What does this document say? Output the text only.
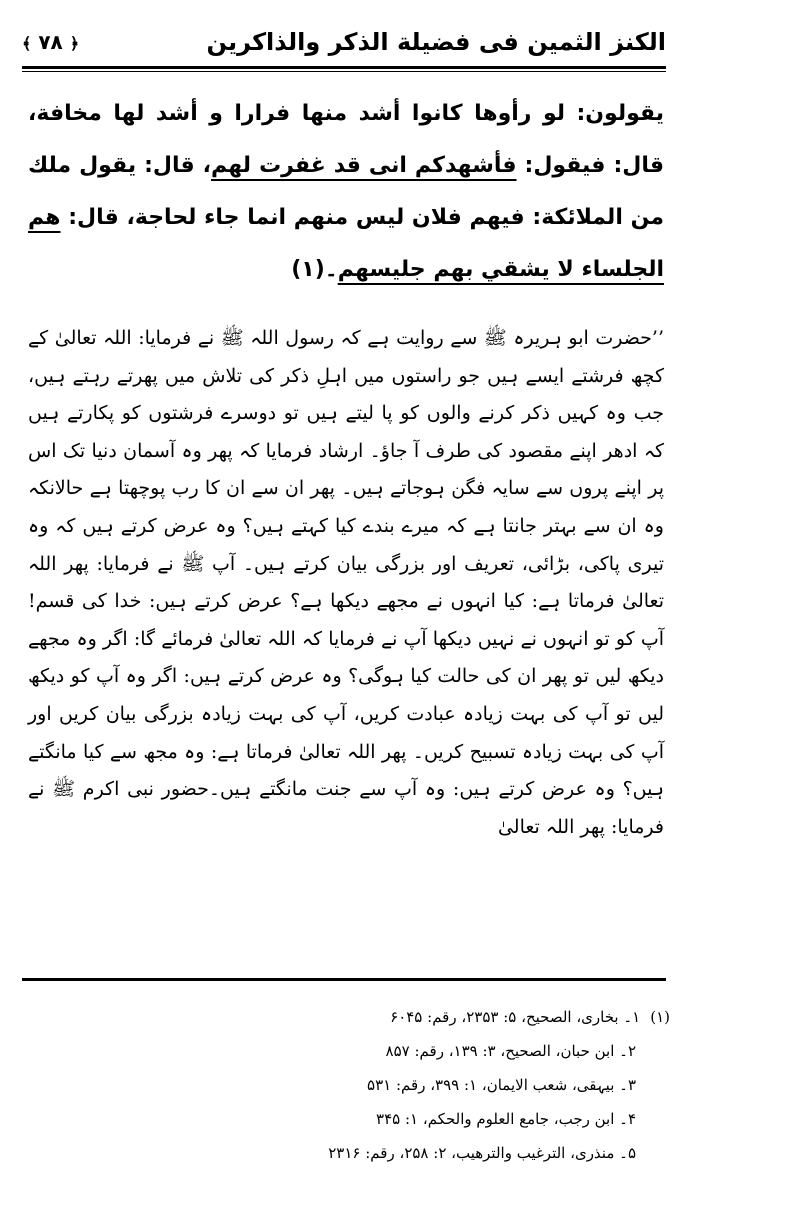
الكنز الثمين فى فضيلة الذكر والذاكرين
﴾ ۷۸ ﴿
يقولون: لو رأوها كانوا أشد منها فرارا و أشد لها مخافة، قال: فيقول: فأشهدكم انى قد غفرت لهم، قال: يقول ملك من الملائكة: فيهم فلان ليس منهم انما جاء لحاجة، قال: هم الجلساء لا يشقي بهم جليسهم۔(۱)
’’حضرت ابو ہریرہ ﷺ سے روایت ہے کہ رسول اللہ ﷺ نے فرمایا: اللہ تعالیٰ کے کچھ فرشتے ایسے ہیں جو راستوں میں اہلِ ذکر کی تلاش میں پھرتے رہتے ہیں، جب وہ کہیں ذکر کرنے والوں کو پا لیتے ہیں تو دوسرے فرشتوں کو پکارتے ہیں کہ ادھر اپنے مقصود کی طرف آ جاؤ۔ ارشاد فرمایا کہ پھر وہ آسمان دنیا تک اس پر اپنے پروں سے سایہ فگن ہوجاتے ہیں۔ پھر ان سے ان کا رب پوچھتا ہے حالانکہ وہ ان سے بہتر جانتا ہے کہ میرے بندے کیا کہتے ہیں؟ وہ عرض کرتے ہیں کہ وہ تیری پاکی، بڑائی، تعریف اور بزرگی بیان کرتے ہیں۔ آپ ﷺ نے فرمایا: پھر اللہ تعالیٰ فرماتا ہے: کیا انہوں نے مجھے دیکھا ہے؟ عرض کرتے ہیں: خدا کی قسم! آپ کو تو انہوں نے نہیں دیکھا آپ نے فرمایا کہ اللہ تعالیٰ فرمائے گا: اگر وہ مجھے دیکھ لیں تو پھر ان کی حالت کیا ہوگی؟ وہ عرض کرتے ہیں: اگر وہ آپ کو دیکھ لیں تو آپ کی بہت زیادہ عبادت کریں، آپ کی بہت زیادہ بزرگی بیان کریں اور آپ کی بہت زیادہ تسبیح کریں۔ پھر اللہ تعالیٰ فرماتا ہے: وہ مجھ سے کیا مانگتے ہیں؟ وہ عرض کرتے ہیں: وہ آپ سے جنت مانگتے ہیں۔حضور نبی اکرم ﷺ نے فرمایا: پھر اللہ تعالیٰ
(۱)۱۔ بخاری، الصحیح، ۵: ۲۳۵۳، رقم: ۶۰۴۵
۲۔ ابن حبان، الصحیح، ۳: ۱۳۹، رقم: ۸۵۷
۳۔ بیہقی، شعب الایمان، ۱: ۳۹۹، رقم: ۵۳۱
۴۔ ابن رجب، جامع العلوم والحکم، ۱: ۳۴۵
۵۔ منذری، الترغیب والترھیب، ۲: ۲۵۸، رقم: ۲۳۱۶
